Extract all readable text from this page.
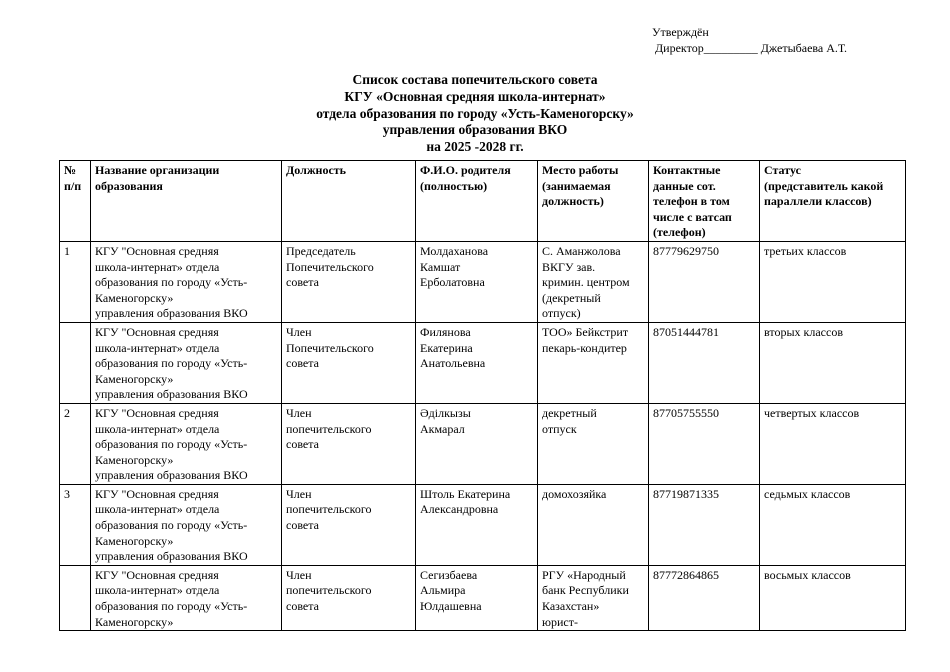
Утверждён
Директор_________ Джетыбаева А.Т.
Список состава попечительского совета
КГУ «Основная средняя школа-интернат»
отдела образования по городу «Усть-Каменогорску»
управления образования ВКО
на 2025 -2028 гг.
№
п/п	Название организации
образования	Должность	Ф.И.О. родителя
(полностью)	Место работы
(занимаемая
должность)	Контактные
данные сот.
телефон в том
числе с ватсап
(телефон)	Статус
(представитель какой
параллели классов)
1	КГУ "Основная средняя
школа-интернат» отдела
образования по городу «Усть-
Каменогорску»
управления образования ВКО	Председатель
Попечительского
совета	Молдаханова
Камшат
Ерболатовна	С. Аманжолова
ВКГУ зав.
кримин. центром
(декретный
отпуск)	87779629750	третьих классов
	КГУ "Основная средняя
школа-интернат» отдела
образования по городу «Усть-
Каменогорску»
управления образования ВКО	Член
Попечительского
совета	Филянова
Екатерина
Анатольевна	ТОО» Бейкстрит
пекарь-кондитер	87051444781	вторых классов
2	КГУ "Основная средняя
школа-интернат» отдела
образования по городу «Усть-
Каменогорску»
управления образования ВКО	Член
попечительского
совета	Әділкызы
Акмарал	декретный
отпуск	87705755550	четвертых классов
3	КГУ "Основная средняя
школа-интернат» отдела
образования по городу «Усть-
Каменогорску»
управления образования ВКО	Член
попечительского
совета	Штоль Екатерина
Александровна	домохозяйка	87719871335	седьмых классов
	КГУ "Основная средняя
школа-интернат» отдела
образования по городу «Усть-
Каменогорску»	Член
попечительского
совета	Сегизбаева
Альмира
Юлдашевна	РГУ «Народный
банк Республики
Казахстан»
юрист-	87772864865	восьмых классов
